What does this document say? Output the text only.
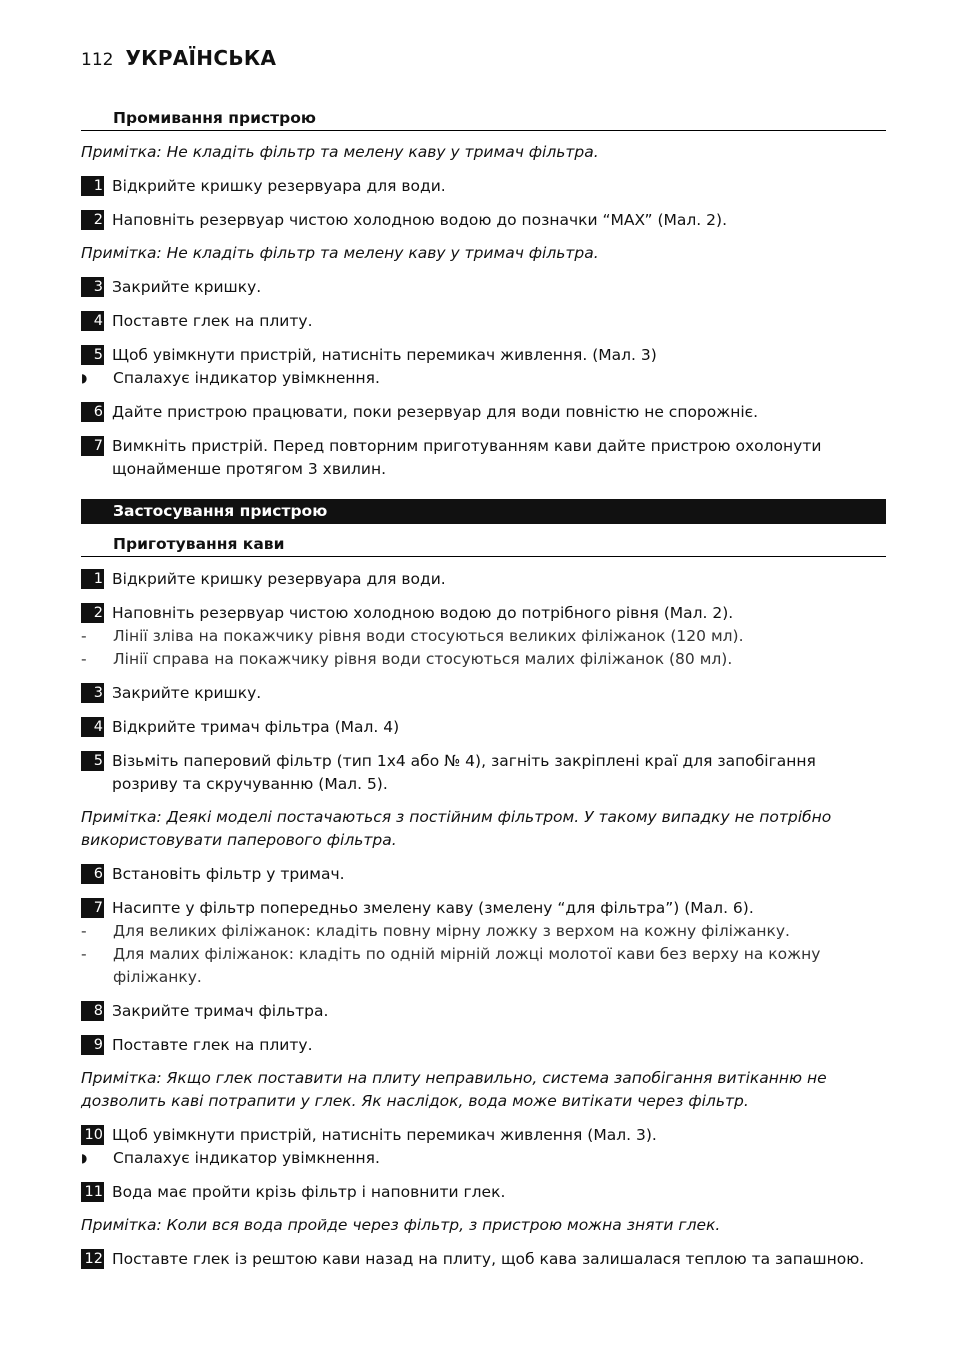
112 УКРАЇНСЬКА
Промивання пристрою
Примітка: Не кладіть фільтр та мелену каву у тримач фільтра.
1 Відкрийте кришку резервуара для води.
2 Наповніть резервуар чистою холодною водою до позначки “MAX” (Мал. 2).
Примітка: Не кладіть фільтр та мелену каву у тримач фільтра.
3 Закрийте кришку.
4 Поставте глек на плиту.
5 Щоб увімкнути пристрій, натисніть перемикач живлення. (Мал. 3)
◗	Спалахує індикатор увімкнення.
6 Дайте пристрою працювати, поки резервуар для води повністю не спорожніє.
7 Вимкніть пристрій. Перед повторним приготуванням кави дайте пристрою охолонути щонайменше протягом 3 хвилин.
Застосування пристрою
Приготування кави
1 Відкрийте кришку резервуара для води.
2 Наповніть резервуар чистою холодною водою до потрібного рівня (Мал. 2).
-	Лінії зліва на покажчику рівня води стосуються великих філіжанок (120 мл).
-	Лінії справа на покажчику рівня води стосуються малих філіжанок (80 мл).
3 Закрийте кришку.
4 Відкрийте тримач фільтра (Мал. 4)
5 Візьміть паперовий фільтр (тип 1x4 або № 4), загніть закріплені краї для запобігання розриву та скручуванню (Мал. 5).
Примітка: Деякі моделі постачаються з постійним фільтром. У такому випадку не потрібно використовувати паперового фільтра.
6 Встановіть фільтр у тримач.
7 Насипте у фільтр попередньо змелену каву (змелену “для фільтра”) (Мал. 6).
-	Для великих філіжанок: кладіть повну мірну ложку з верхом на кожну філіжанку.
-	Для малих філіжанок: кладіть по одній мірній ложці молотої кави без верху на кожну філіжанку.
8 Закрийте тримач фільтра.
9 Поставте глек на плиту.
Примітка: Якщо глек поставити на плиту неправильно, система запобігання витіканню не дозволить каві потрапити у глек. Як наслідок, вода може витікати через фільтр.
10 Щоб увімкнути пристрій, натисніть перемикач живлення (Мал. 3).
◗	Спалахує індикатор увімкнення.
11 Вода має пройти крізь фільтр і наповнити глек.
Примітка: Коли вся вода пройде через фільтр, з пристрою можна зняти глек.
12 Поставте глек із рештою кави назад на плиту, щоб кава залишалася теплою та запашною.
